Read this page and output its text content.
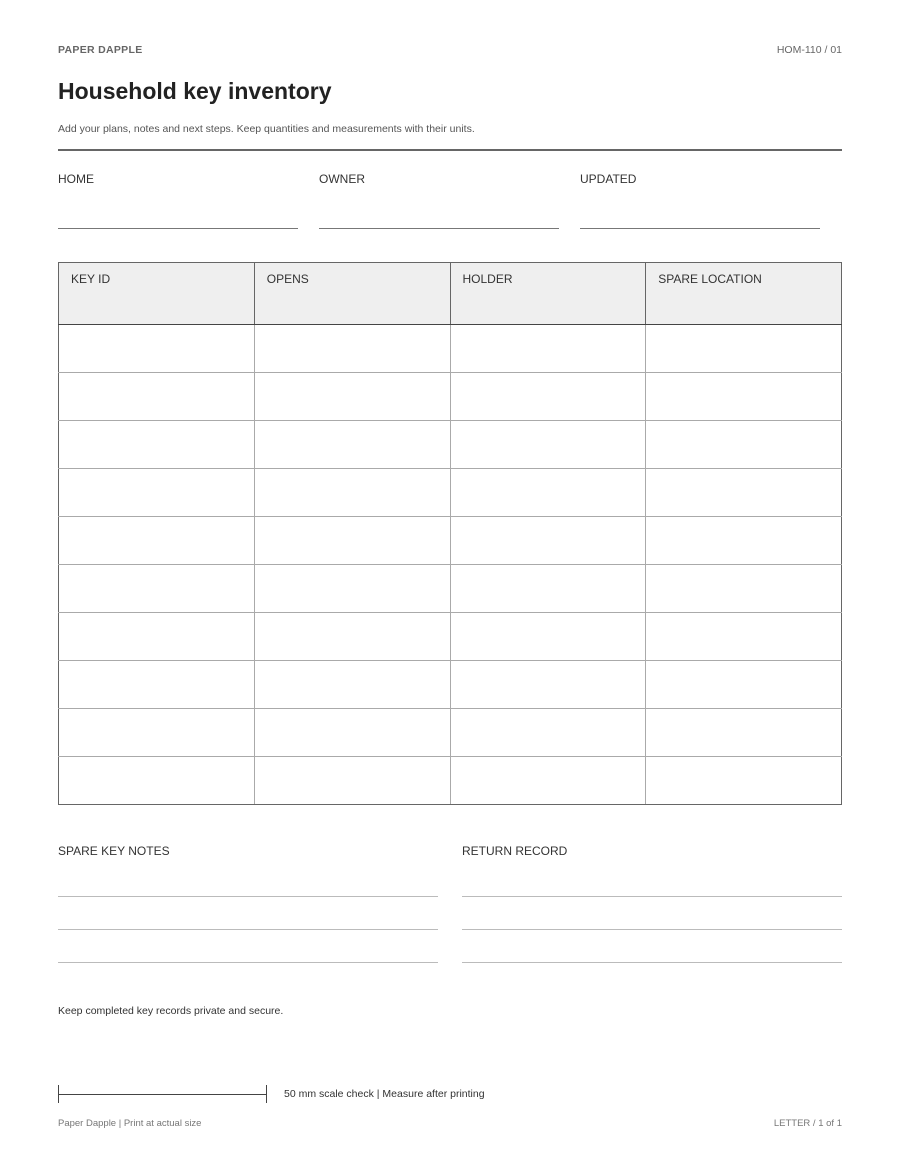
PAPER DAPPLE	HOM-110 / 01
Household key inventory
Add your plans, notes and next steps. Keep quantities and measurements with their units.
HOME	OWNER	UPDATED
KEY ID	OPENS	HOLDER	SPARE LOCATION

SPARE KEY NOTES	RETURN RECORD
Keep completed key records private and secure.
50 mm scale check | Measure after printing
Paper Dapple | Print at actual size	LETTER / 1 of 1
